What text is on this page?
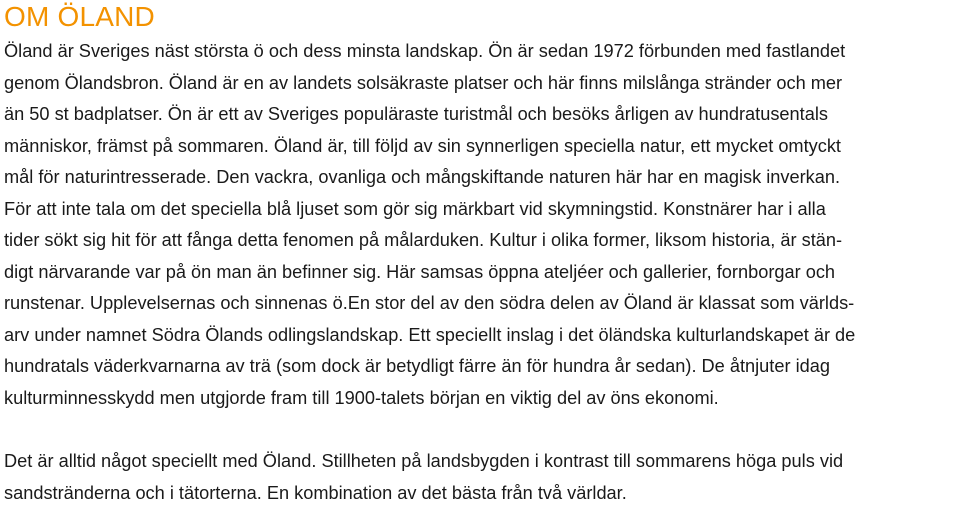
OM ÖLAND

Öland är Sveriges näst största ö och dess minsta landskap. Ön är sedan 1972 förbunden med fastlandet
genom Ölandsbron. Öland är en av landets solsäkraste platser och här finns milslånga stränder och mer
än 50 st badplatser. Ön är ett av Sveriges populäraste turistmål och besöks årligen av hundratusentals
människor, främst på sommaren. Öland är, till följd av sin synnerligen speciella natur, ett mycket omtyckt
mål för naturintresserade. Den vackra, ovanliga och mångskiftande naturen här har en magisk inverkan.
För att inte tala om det speciella blå ljuset som gör sig märkbart vid skymningstid. Konstnärer har i alla
tider sökt sig hit för att fånga detta fenomen på målarduken. Kultur i olika former, liksom historia, är stän-
digt närvarande var på ön man än befinner sig. Här samsas öppna ateljéer och gallerier, fornborgar och
runstenar. Upplevelsernas och sinnenas ö.En stor del av den södra delen av Öland är klassat som världs-
arv under namnet Södra Ölands odlingslandskap. Ett speciellt inslag i det öländska kulturlandskapet är de
hundratals väderkvarnarna av trä (som dock är betydligt färre än för hundra år sedan). De åtnjuter idag
kulturminnesskydd men utgjorde fram till 1900-talets början en viktig del av öns ekonomi.

Det är alltid något speciellt med Öland. Stillheten på landsbygden i kontrast till sommarens höga puls vid
sandstränderna och i tätorterna. En kombination av det bästa från två världar.
